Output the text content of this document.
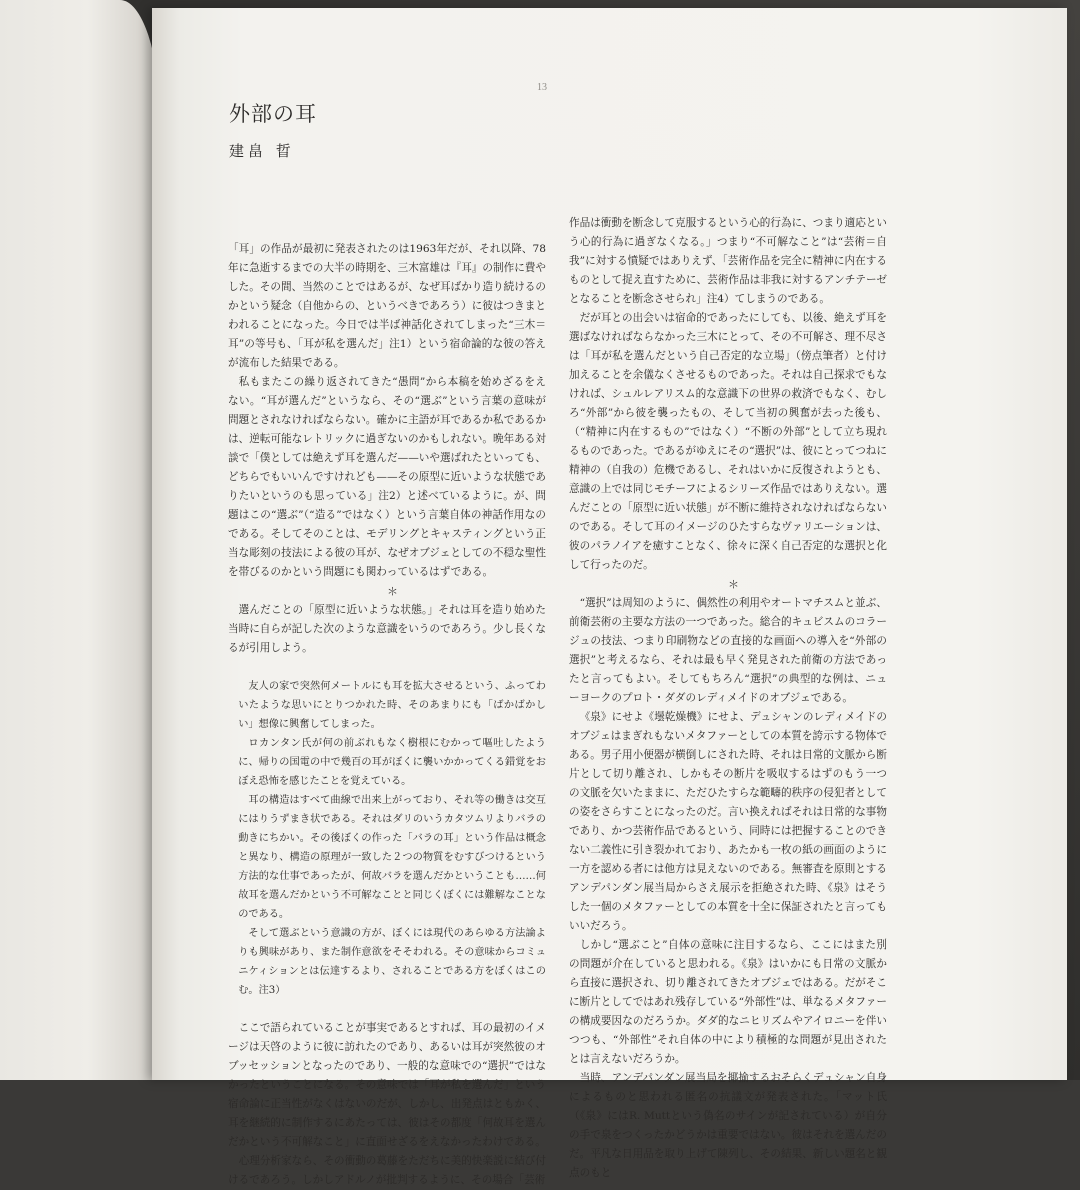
13
外部の耳
建畠 晢

「耳」の作品が最初に発表されたのは1963年だが、それ以降、78年に急逝するまでの大半の時期を、三木富雄は『耳』の制作に費やした。その間、当然のことではあるが、なぜ耳ばかり造り続けるのかという疑念（自他からの、というべきであろう）に彼はつきまとわれることになった。今日では半ば神話化されてしまった“三木＝耳”の等号も、「耳が私を選んだ」注1）という宿命論的な彼の答えが流布した結果である。

私もまたこの繰り返されてきた“愚問”から本稿を始めざるをえない。“耳が選んだ”というなら、その“選ぶ”という言葉の意味が問題とされなければならない。確かに主語が耳であるか私であるかは、逆転可能なレトリックに過ぎないのかもしれない。晩年ある対談で「僕としては絶えず耳を選んだ——いや選ばれたといっても、どちらでもいいんですけれども——その原型に近いような状態でありたいというのも思っている」注2）と述べているように。が、問題はこの“選ぶ”（“造る”ではなく）という言葉自体の神話作用なのである。そしてそのことは、モデリングとキャスティングという正当な彫刻の技法による彼の耳が、なぜオブジェとしての不穏な聖性を帯びるのかという問題にも関わっているはずである。

＊

選んだことの「原型に近いような状態。」それは耳を造り始めた当時に自らが記した次のような意識をいうのであろう。少し長くなるが引用しよう。

友人の家で突然何メートルにも耳を拡大させるという、ふってわいたような思いにとりつかれた時、そのあまりにも「ばかばかしい」想像に興奮してしまった。

ロカンタン氏が何の前ぶれもなく樹根にむかって嘔吐したように、帰りの国電の中で幾百の耳がぼくに襲いかかってくる錯覚をおぼえ恐怖を感じたことを覚えている。

耳の構造はすべて曲線で出来上がっており、それ等の働きは交互にはりうずまき状である。それはダリのいうカタツムリよりバラの動きにちかい。その後ぼくの作った「バラの耳」という作品は概念と異なり、構造の原理が一致した２つの物質をむすびつけるという方法的な仕事であったが、何故バラを選んだかということも……何故耳を選んだかという不可解なことと同じくぼくには難解なことなのである。

そして選ぶという意識の方が、ぼくには現代のあらゆる方法論よりも興味があり、また制作意欲をそそわれる。その意味からコミュニケィションとは伝達するより、されることである方をぼくはこのむ。注3）

ここで語られていることが事実であるとすれば、耳の最初のイメージは天啓のように彼に訪れたのであり、あるいは耳が突然彼のオブッセッションとなったのであり、一般的な意味での“選択”ではなかったということになる。その意味では「耳が私を選んだ」という宿命論に正当性がなくはないのだが、しかし、出発点はともかく、耳を継続的に制作するにあたっては、彼はその都度「何故耳を選んだかという不可解なこと」に直面せざるをえなかったわけである。

心理分析家なら、その衝動の葛藤をただちに美的快楽説に結び付けるであろう。しかしアドルノが批判するように、その場合「芸術

作品は衝動を断念して克服するという心的行為に、つまり適応という心的行為に過ぎなくなる。」つまり“不可解なこと”は“芸術＝自我”に対する憤疑ではありえず、「芸術作品を完全に精神に内在するものとして捉え直すために、芸術作品は非我に対するアンチテーゼとなることを断念させられ」注4）てしまうのである。

だが耳との出会いは宿命的であったにしても、以後、絶えず耳を選ばなければならなかった三木にとって、その不可解さ、理不尽さは「耳が私を選んだという自己否定的な立場」（傍点筆者）と付け加えることを余儀なくさせるものであった。それは自己探求でもなければ、シュルレアリスム的な意識下の世界の救済でもなく、むしろ“外部”から彼を襲ったもの、そして当初の興奮が去った後も、（“精神に内在するもの”ではなく）“不断の外部”として立ち現れるものであった。であるがゆえにその“選択”は、彼にとってつねに精神の（自我の）危機であるし、それはいかに反復されようとも、意識の上では同じモチーフによるシリーズ作品ではありえない。選んだことの「原型に近い状態」が不断に維持されなければならないのである。そして耳のイメージのひたすらなヴァリエーションは、彼のパラノイアを癒すことなく、徐々に深く自己否定的な選択と化して行ったのだ。

＊

“選択”は周知のように、偶然性の利用やオートマチスムと並ぶ、前衛芸術の主要な方法の一つであった。総合的キュビスムのコラージュの技法、つまり印刷物などの直接的な画面への導入を“外部の選択”と考えるなら、それは最も早く発見された前衛の方法であったと言ってもよい。そしてもちろん“選択”の典型的な例は、ニューヨークのプロト・ダダのレディメイドのオブジェである。

《泉》にせよ《壜乾燥機》にせよ、デュシャンのレディメイドのオブジェはまぎれもないメタファーとしての本質を誇示する物体である。男子用小便器が横倒しにされた時、それは日常的文脈から断片として切り離され、しかもその断片を吸収するはずのもう一つの文脈を欠いたままに、ただひたすらな範疇的秩序の侵犯者としての姿をさらすことになったのだ。言い換えればそれは日常的な事物であり、かつ芸術作品であるという、同時には把握することのできない二義性に引き裂かれており、あたかも一枚の紙の画面のように一方を認める者には他方は見えないのである。無審査を原則とするアンデパンダン展当局からさえ展示を拒絶された時、《泉》はそうした一個のメタファーとしての本質を十全に保証されたと言ってもいいだろう。

しかし“選ぶこと”自体の意味に注目するなら、ここにはまた別の問題が介在していると思われる。《泉》はいかにも日常の文脈から直接に選択され、切り離されてきたオブジェではある。だがそこに断片としてではあれ残存している“外部性”は、単なるメタファーの構成要因なのだろうか。ダダ的なニヒリズムやアイロニーを伴いつつも、“外部性”それ自体の中により積極的な問題が見出されたとは言えないだろうか。

当時、アンデパンダン展当局を揶揄するおそらくデュシャン自身によるものと思われる匿名の抗議文が発表された。「マット氏（《泉》にはR. Muttという偽名のサインが記されている）が自分の手で泉をつくったかどうかは重要ではない。彼はそれを選んだのだ。平凡な日用品を取り上げて陳列し、その結果、新しい題名と観点のもと
